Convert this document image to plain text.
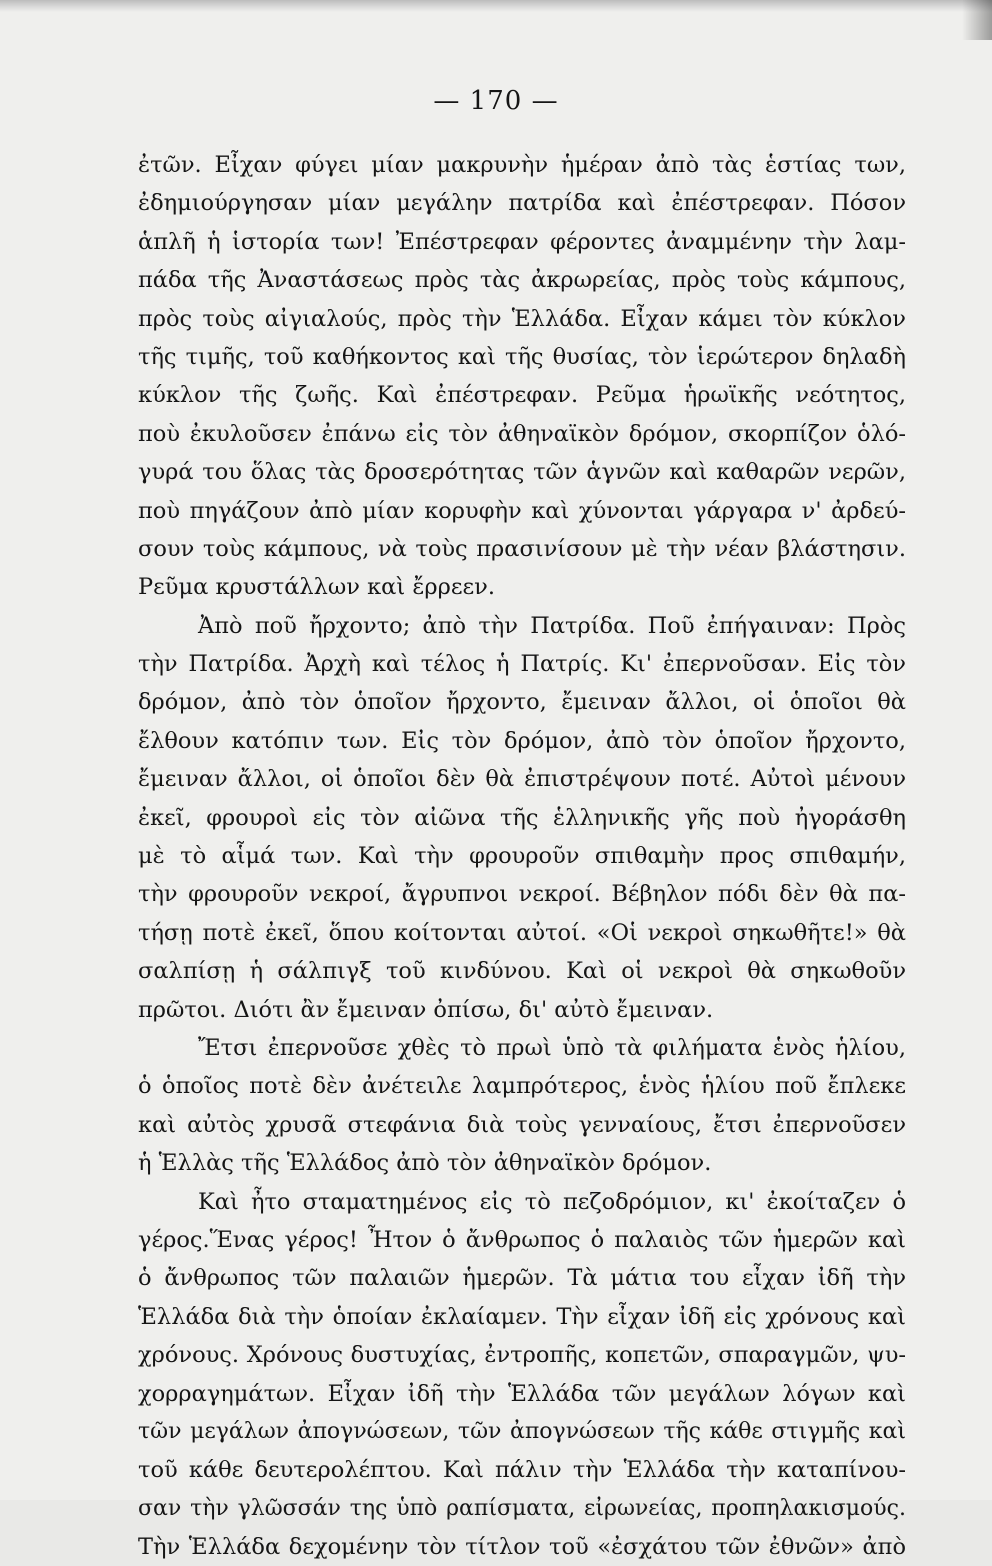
— 170 —
ἐτῶν. Εἶχαν φύγει μίαν μακρυνὴν ἡμέραν ἀπὸ τὰς ἑστίας των,
ἐδημιούργησαν μίαν μεγάλην πατρίδα καὶ ἐπέστρεφαν. Πόσον
ἁπλῆ ἡ ἱστορία των! Ἐπέστρεφαν φέροντες ἀναμμένην τὴν λαμ-
πάδα τῆς Ἀναστάσεως πρὸς τὰς ἀκρωρείας, πρὸς τοὺς κάμπους,
πρὸς τοὺς αἰγιαλούς, πρὸς τὴν Ἑλλάδα. Εἶχαν κάμει τὸν κύκλον
τῆς τιμῆς, τοῦ καθήκοντος καὶ τῆς θυσίας, τὸν ἱερώτερον δηλαδὴ
κύκλον τῆς ζωῆς. Καὶ ἐπέστρεφαν. Ρεῦμα ἡρωϊκῆς νεότητος,
ποὺ ἐκυλοῦσεν ἐπάνω εἰς τὸν ἀθηναϊκὸν δρόμον, σκορπίζον ὁλό-
γυρά του ὅλας τὰς δροσερότητας τῶν ἁγνῶν καὶ καθαρῶν νερῶν,
ποὺ πηγάζουν ἀπὸ μίαν κορυφὴν καὶ χύνονται γάργαρα ν' ἀρδεύ-
σουν τοὺς κάμπους, νὰ τοὺς πρασινίσουν μὲ τὴν νέαν βλάστησιν.
Ρεῦμα κρυστάλλων καὶ ἔρρεεν.
Ἀπὸ ποῦ ἤρχοντο; ἀπὸ τὴν Πατρίδα. Ποῦ ἐπήγαιναν: Πρὸς
τὴν Πατρίδα. Ἀρχὴ καὶ τέλος ἡ Πατρίς. Κι' ἐπερνοῦσαν. Εἰς τὸν
δρόμον, ἀπὸ τὸν ὁποῖον ἤρχοντο, ἔμειναν ἄλλοι, οἱ ὁποῖοι θὰ
ἔλθουν κατόπιν των. Εἰς τὸν δρόμον, ἀπὸ τὸν ὁποῖον ἤρχοντο,
ἔμειναν ἄλλοι, οἱ ὁποῖοι δὲν θὰ ἐπιστρέψουν ποτέ. Αὐτοὶ μένουν
ἐκεῖ, φρουροὶ εἰς τὸν αἰῶνα τῆς ἑλληνικῆς γῆς ποὺ ἠγοράσθη
μὲ τὸ αἷμά των. Καὶ τὴν φρουροῦν σπιθαμὴν προς σπιθαμήν,
τὴν φρουροῦν νεκροί, ἄγρυπνοι νεκροί. Βέβηλον πόδι δὲν θὰ πα-
τήσῃ ποτὲ ἐκεῖ, ὅπου κοίτονται αὐτοί. «Οἱ νεκροὶ σηκωθῆτε!» θὰ
σαλπίσῃ ἡ σάλπιγξ τοῦ κινδύνου. Καὶ οἱ νεκροὶ θὰ σηκωθοῦν
πρῶτοι. Διότι ἂν ἔμειναν ὀπίσω, δι' αὐτὸ ἔμειναν.
Ἔτσι ἐπερνοῦσε χθὲς τὸ πρωὶ ὑπὸ τὰ φιλήματα ἑνὸς ἡλίου,
ὁ ὁποῖος ποτὲ δὲν ἀνέτειλε λαμπρότερος, ἑνὸς ἡλίου ποῦ ἔπλεκε
καὶ αὐτὸς χρυσᾶ στεφάνια διὰ τοὺς γενναίους, ἔτσι ἐπερνοῦσεν
ἡ Ἑλλὰς τῆς Ἑλλάδος ἀπὸ τὸν ἀθηναϊκὸν δρόμον.
Καὶ ἦτο σταματημένος εἰς τὸ πεζοδρόμιον, κι' ἐκοίταζεν ὁ
γέρος.Ἕνας γέρος! Ἦτον ὁ ἄνθρωπος ὁ παλαιὸς τῶν ἡμερῶν καὶ
ὁ ἄνθρωπος τῶν παλαιῶν ἡμερῶν. Τὰ μάτια του εἶχαν ἰδῆ τὴν
Ἑλλάδα διὰ τὴν ὁποίαν ἐκλαίαμεν. Τὴν εἶχαν ἰδῆ εἰς χρόνους καὶ
χρόνους. Χρόνους δυστυχίας, ἐντροπῆς, κοπετῶν, σπαραγμῶν, ψυ-
χορραγημάτων. Εἶχαν ἰδῆ τὴν Ἑλλάδα τῶν μεγάλων λόγων καὶ
τῶν μεγάλων ἀπογνώσεων, τῶν ἀπογνώσεων τῆς κάθε στιγμῆς καὶ
τοῦ κάθε δευτερολέπτου. Καὶ πάλιν τὴν Ἑλλάδα τὴν καταπίνου-
σαν τὴν γλῶσσάν της ὑπὸ ραπίσματα, εἰρωνείας, προπηλακισμούς.
Τὴν Ἑλλάδα δεχομένην τὸν τίτλον τοῦ «ἐσχάτου τῶν ἐθνῶν» ἀπὸ
